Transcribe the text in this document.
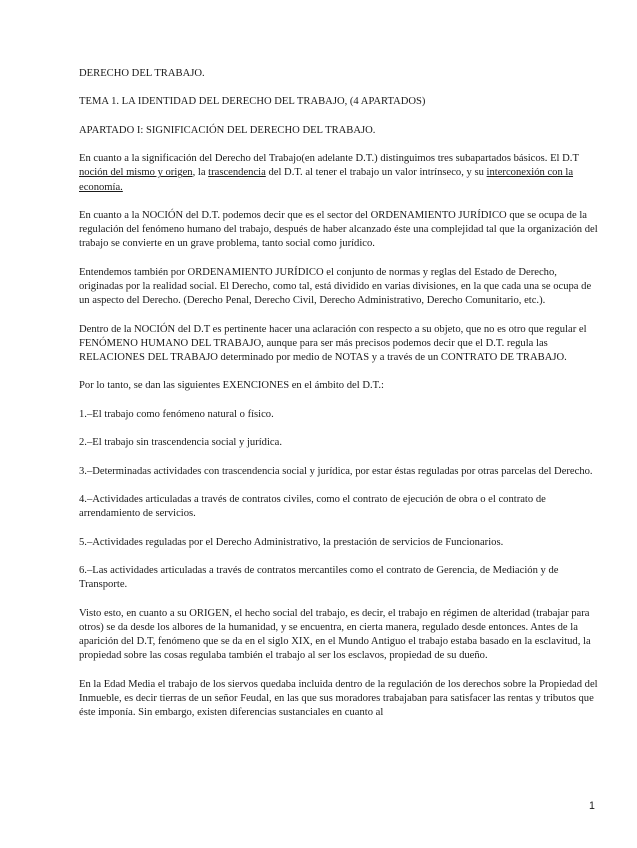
DERECHO DEL TRABAJO.

TEMA 1. LA IDENTIDAD DEL DERECHO DEL TRABAJO, (4 APARTADOS)

APARTADO I: SIGNIFICACIÓN DEL DERECHO DEL TRABAJO.

En cuanto a la significación del Derecho del Trabajo(en adelante D.T.) distinguimos tres subapartados básicos. El D.T noción del mismo y origen, la trascendencia del D.T. al tener el trabajo un valor intrínseco, y su interconexión con la economía.

En cuanto a la NOCIÓN del D.T. podemos decir que es el sector del ORDENAMIENTO JURÍDICO que se ocupa de la regulación del fenómeno humano del trabajo, después de haber alcanzado éste una complejidad tal que la organización del trabajo se convierte en un grave problema, tanto social como jurídico.

Entendemos también por ORDENAMIENTO JURÍDICO el conjunto de normas y reglas del Estado de Derecho, originadas por la realidad social. El Derecho, como tal, está dividido en varias divisiones, en la que cada una se ocupa de un aspecto del Derecho. (Derecho Penal, Derecho Civil, Derecho Administrativo, Derecho Comunitario, etc.).

Dentro de la NOCIÓN del D.T es pertinente hacer una aclaración con respecto a su objeto, que no es otro que regular el FENÓMENO HUMANO DEL TRABAJO, aunque para ser más precisos podemos decir que el D.T. regula las RELACIONES DEL TRABAJO determinado por medio de NOTAS y a través de un CONTRATO DE TRABAJO.

Por lo tanto, se dan las siguientes EXENCIONES en el ámbito del D.T.:

1.–El trabajo como fenómeno natural o físico.

2.–El trabajo sin trascendencia social y jurídica.

3.–Determinadas actividades con trascendencia social y jurídica, por estar éstas reguladas por otras parcelas del Derecho.

4.–Actividades articuladas a través de contratos civiles, como el contrato de ejecución de obra o el contrato de arrendamiento de servicios.

5.–Actividades reguladas por el Derecho Administrativo, la prestación de servicios de Funcionarios.

6.–Las actividades articuladas a través de contratos mercantiles como el contrato de Gerencia, de Mediación y de Transporte.

Visto esto, en cuanto a su ORIGEN, el hecho social del trabajo, es decir, el trabajo en régimen de alteridad (trabajar para otros) se da desde los albores de la humanidad, y se encuentra, en cierta manera, regulado desde entonces. Antes de la aparición del D.T, fenómeno que se da en el siglo XIX, en el Mundo Antiguo el trabajo estaba basado en la esclavitud, la propiedad sobre las cosas regulaba también el trabajo al ser los esclavos, propiedad de su dueño.

En la Edad Media el trabajo de los siervos quedaba incluida dentro de la regulación de los derechos sobre la Propiedad del Inmueble, es decir tierras de un señor Feudal, en las que sus moradores trabajaban para satisfacer las rentas y tributos que éste imponía. Sin embargo, existen diferencias sustanciales en cuanto al

1
